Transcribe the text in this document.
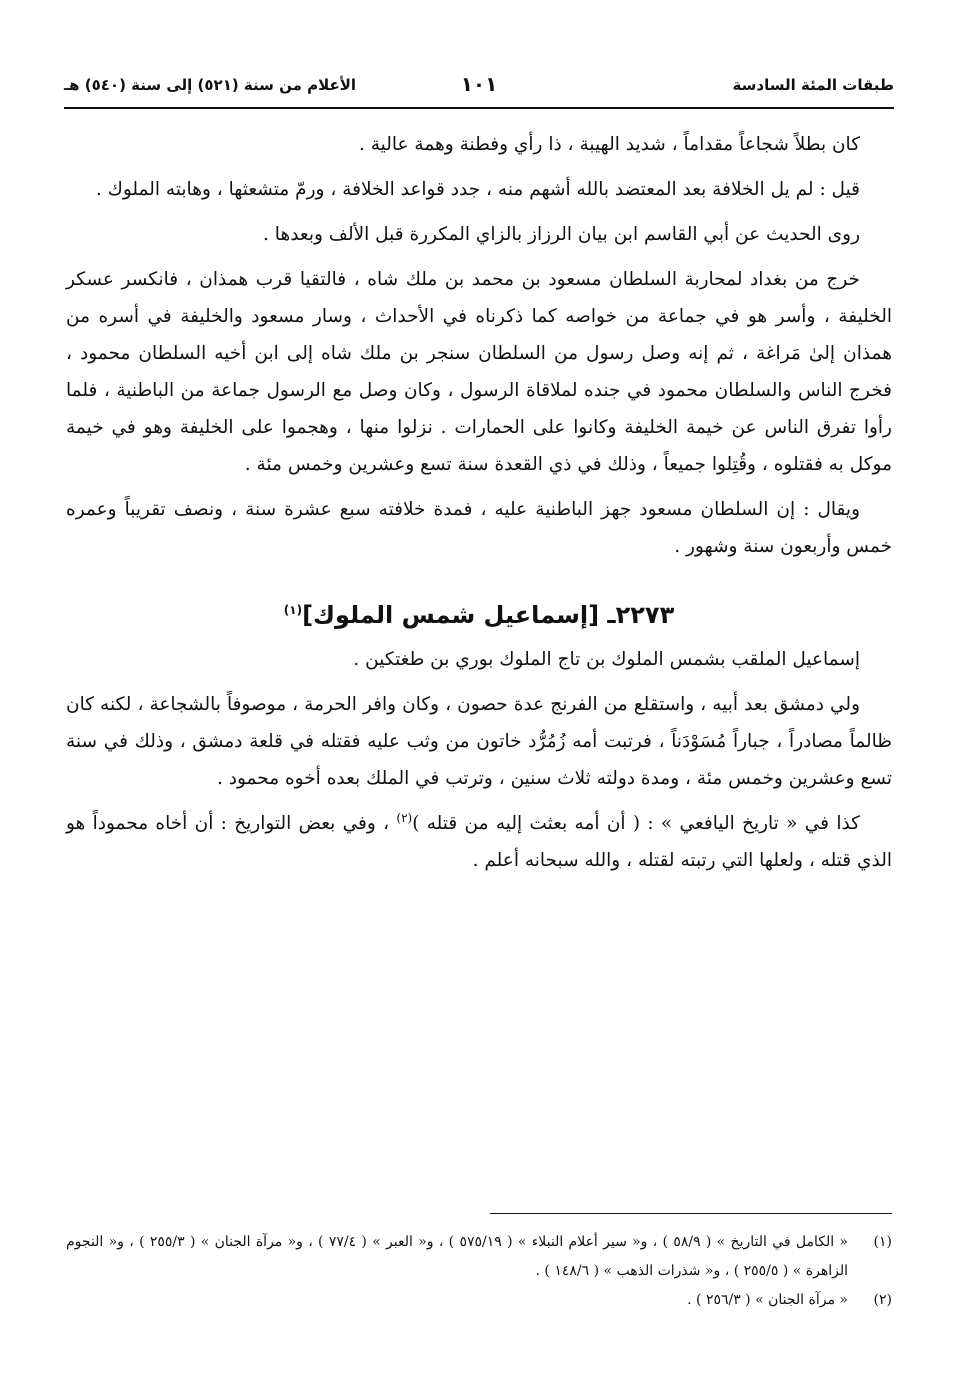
طبقات المئة السادسة
١٠١
الأعلام من سنة (٥٢١) إلى سنة (٥٤٠) هـ

كان بطلاً شجاعاً مقداماً ، شديد الهيبة ، ذا رأي وفطنة وهمة عالية .

قيل : لم يل الخلافة بعد المعتضد بالله أشهم منه ، جدد قواعد الخلافة ، ورمّ متشعثها ، وهابته الملوك .

روى الحديث عن أبي القاسم ابن بيان الرزاز بالزاي المكررة قبل الألف وبعدها .

خرج من بغداد لمحاربة السلطان مسعود بن محمد بن ملك شاه ، فالتقيا قرب همذان ، فانكسر عسكر الخليفة ، وأسر هو في جماعة من خواصه كما ذكرناه في الأحداث ، وسار مسعود والخليفة في أسره من همذان إلىٰ مَراغة ، ثم إنه وصل رسول من السلطان سنجر بن ملك شاه إلى ابن أخيه السلطان محمود ، فخرج الناس والسلطان محمود في جنده لملاقاة الرسول ، وكان وصل مع الرسول جماعة من الباطنية ، فلما رأوا تفرق الناس عن خيمة الخليفة وكانوا على الحمارات . نزلوا منها ، وهجموا على الخليفة وهو في خيمة موكل به فقتلوه ، وقُتِلوا جميعاً ، وذلك في ذي القعدة سنة تسع وعشرين وخمس مئة .

ويقال : إن السلطان مسعود جهز الباطنية عليه ، فمدة خلافته سبع عشرة سنة ، ونصف تقريباً وعمره خمس وأربعون سنة وشهور .

٢٢٧٣ـ [إسماعيل شمس الملوك]$^{(١)}$

إسماعيل الملقب بشمس الملوك بن تاج الملوك بوري بن طغتكين .

ولي دمشق بعد أبيه ، واستقلع من الفرنج عدة حصون ، وكان وافر الحرمة ، موصوفاً بالشجاعة ، لكنه كان ظالماً مصادراً ، جباراً مُسَوْدَناً ، فرتبت أمه زُمُرُّد خاتون من وثب عليه فقتله في قلعة دمشق ، وذلك في سنة تسع وعشرين وخمس مئة ، ومدة دولته ثلاث سنين ، وترتب في الملك بعده أخوه محمود .

كذا في « تاريخ اليافعي » : ( أن أمه بعثت إليه من قتله )$^{(٢)}$ ، وفي بعض التواريخ : أن أخاه محموداً هو الذي قتله ، ولعلها التي رتبته لقتله ، والله سبحانه أعلم .

(١)
« الكامل في التاريخ » ( ٥٨/٩ ) ، و« سير أعلام النبلاء » ( ٥٧٥/١٩ ) ، و« العبر » ( ٧٧/٤ ) ، و« مرآة الجنان » ( ٢٥٥/٣ ) ، و« النجوم الزاهرة » ( ٢٥٥/٥ ) ، و« شذرات الذهب » ( ١٤٨/٦ ) .

(٢)
« مرآة الجنان » ( ٢٥٦/٣ ) .
